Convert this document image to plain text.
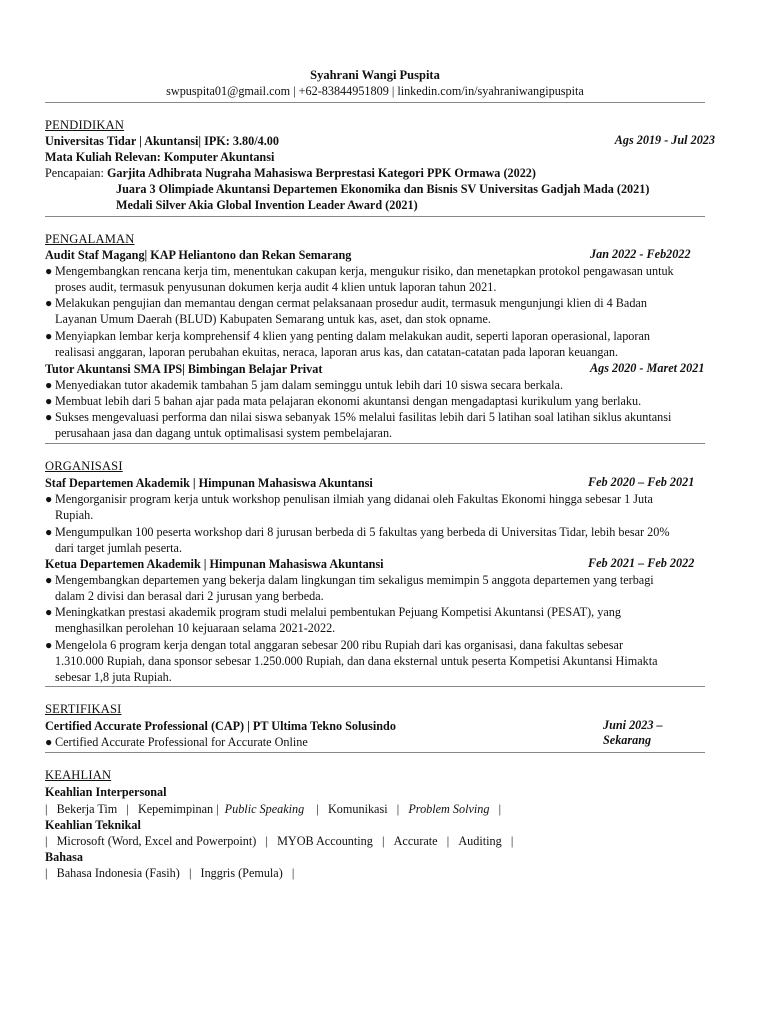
Syahrani Wangi Puspita
swpuspita01@gmail.com | +62-83844951809 | linkedin.com/in/syahraniwangipuspita
PENDIDIKAN
Universitas Tidar | Akuntansi| IPK: 3.80/4.00	Ags 2019 - Jul 2023
Mata Kuliah Relevan: Komputer Akuntansi
Pencapaian: Garjita Adhibrata Nugraha Mahasiswa Berprestasi Kategori PPK Ormawa (2022)
Juara 3 Olimpiade Akuntansi Departemen Ekonomika dan Bisnis SV Universitas Gadjah Mada (2021)
Medali Silver Akia Global Invention Leader Award (2021)
PENGALAMAN
Audit Staf Magang| KAP Heliantono dan Rekan Semarang	Jan 2022 - Feb2022
● Mengembangkan rencana kerja tim, menentukan cakupan kerja, mengukur risiko, dan menetapkan protokol pengawasan untuk
proses audit, termasuk penyusunan dokumen kerja audit 4 klien untuk laporan tahun 2021.
● Melakukan pengujian dan memantau dengan cermat pelaksanaan prosedur audit, termasuk mengunjungi klien di 4 Badan
Layanan Umum Daerah (BLUD) Kabupaten Semarang untuk kas, aset, dan stok opname.
● Menyiapkan lembar kerja komprehensif 4 klien yang penting dalam melakukan audit, seperti laporan operasional, laporan
realisasi anggaran, laporan perubahan ekuitas, neraca, laporan arus kas, dan catatan-catatan pada laporan keuangan.
Tutor Akuntansi SMA IPS| Bimbingan Belajar Privat	Ags 2020 - Maret 2021
● Menyediakan tutor akademik tambahan 5 jam dalam seminggu untuk lebih dari 10 siswa secara berkala.
● Membuat lebih dari 5 bahan ajar pada mata pelajaran ekonomi akuntansi dengan mengadaptasi kurikulum yang berlaku.
● Sukses mengevaluasi performa dan nilai siswa sebanyak 15% melalui fasilitas lebih dari 5 latihan soal latihan siklus akuntansi
perusahaan jasa dan dagang untuk optimalisasi system pembelajaran.
ORGANISASI
Staf Departemen Akademik | Himpunan Mahasiswa Akuntansi	Feb 2020 – Feb 2021
● Mengorganisir program kerja untuk workshop penulisan ilmiah yang didanai oleh Fakultas Ekonomi hingga sebesar 1 Juta
Rupiah.
● Mengumpulkan 100 peserta workshop dari 8 jurusan berbeda di 5 fakultas yang berbeda di Universitas Tidar, lebih besar 20%
dari target jumlah peserta.
Ketua Departemen Akademik | Himpunan Mahasiswa Akuntansi	Feb 2021 – Feb 2022
● Mengembangkan departemen yang bekerja dalam lingkungan tim sekaligus memimpin 5 anggota departemen yang terbagi
dalam 2 divisi dan berasal dari 2 jurusan yang berbeda.
● Meningkatkan prestasi akademik program studi melalui pembentukan Pejuang Kompetisi Akuntansi (PESAT), yang
menghasilkan perolehan 10 kejuaraan selama 2021-2022.
● Mengelola 6 program kerja dengan total anggaran sebesar 200 ribu Rupiah dari kas organisasi, dana fakultas sebesar
1.310.000 Rupiah, dana sponsor sebesar 1.250.000 Rupiah, dan dana eksternal untuk peserta Kompetisi Akuntansi Himakta
sebesar 1,8 juta Rupiah.
SERTIFIKASI
Certified Accurate Professional (CAP) | PT Ultima Tekno Solusindo	Juni 2023 – Sekarang
● Certified Accurate Professional for Accurate Online
KEAHLIAN
Keahlian Interpersonal
|   Bekerja Tim   |   Kepemimpinan |  Public Speaking    |   Komunikasi   |   Problem Solving   |
Keahlian Teknikal
|   Microsoft (Word, Excel and Powerpoint)   |   MYOB Accounting   |   Accurate   |   Auditing   |
Bahasa
|   Bahasa Indonesia (Fasih)   |   Inggris (Pemula)   |
